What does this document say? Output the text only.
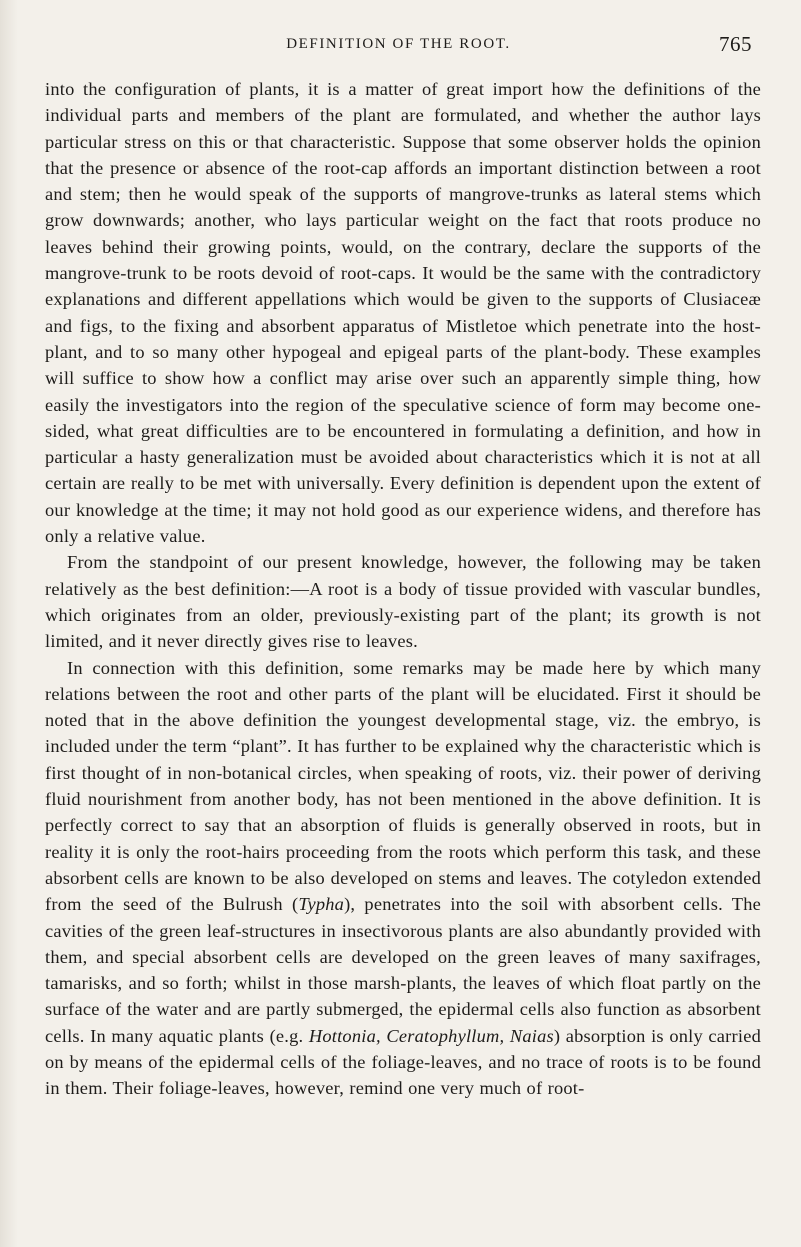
DEFINITION OF THE ROOT.	765

into the configuration of plants, it is a matter of great import how the definitions of the individual parts and members of the plant are formulated, and whether the author lays particular stress on this or that characteristic. Suppose that some observer holds the opinion that the presence or absence of the root-cap affords an important distinction between a root and stem; then he would speak of the supports of mangrove-trunks as lateral stems which grow downwards; another, who lays particular weight on the fact that roots produce no leaves behind their growing points, would, on the contrary, declare the supports of the mangrove-trunk to be roots devoid of root-caps. It would be the same with the contradictory explanations and different appellations which would be given to the supports of Clusiaceæ and figs, to the fixing and absorbent apparatus of Mistletoe which penetrate into the host-plant, and to so many other hypogeal and epigeal parts of the plant-body. These examples will suffice to show how a conflict may arise over such an apparently simple thing, how easily the investigators into the region of the speculative science of form may become one-sided, what great difficulties are to be encountered in formulating a definition, and how in particular a hasty generalization must be avoided about characteristics which it is not at all certain are really to be met with universally. Every definition is dependent upon the extent of our knowledge at the time; it may not hold good as our experience widens, and therefore has only a relative value.

From the standpoint of our present knowledge, however, the following may be taken relatively as the best definition:—A root is a body of tissue provided with vascular bundles, which originates from an older, previously-existing part of the plant; its growth is not limited, and it never directly gives rise to leaves.

In connection with this definition, some remarks may be made here by which many relations between the root and other parts of the plant will be elucidated. First it should be noted that in the above definition the youngest developmental stage, viz. the embryo, is included under the term “plant”. It has further to be explained why the characteristic which is first thought of in non-botanical circles, when speaking of roots, viz. their power of deriving fluid nourishment from another body, has not been mentioned in the above definition. It is perfectly correct to say that an absorption of fluids is generally observed in roots, but in reality it is only the root-hairs proceeding from the roots which perform this task, and these absorbent cells are known to be also developed on stems and leaves. The cotyledon extended from the seed of the Bulrush (Typha), penetrates into the soil with absorbent cells. The cavities of the green leaf-structures in insectivorous plants are also abundantly provided with them, and special absorbent cells are developed on the green leaves of many saxifrages, tamarisks, and so forth; whilst in those marsh-plants, the leaves of which float partly on the surface of the water and are partly submerged, the epidermal cells also function as absorbent cells. In many aquatic plants (e.g. Hottonia, Ceratophyllum, Naias) absorption is only carried on by means of the epidermal cells of the foliage-leaves, and no trace of roots is to be found in them. Their foliage-leaves, however, remind one very much of root-
